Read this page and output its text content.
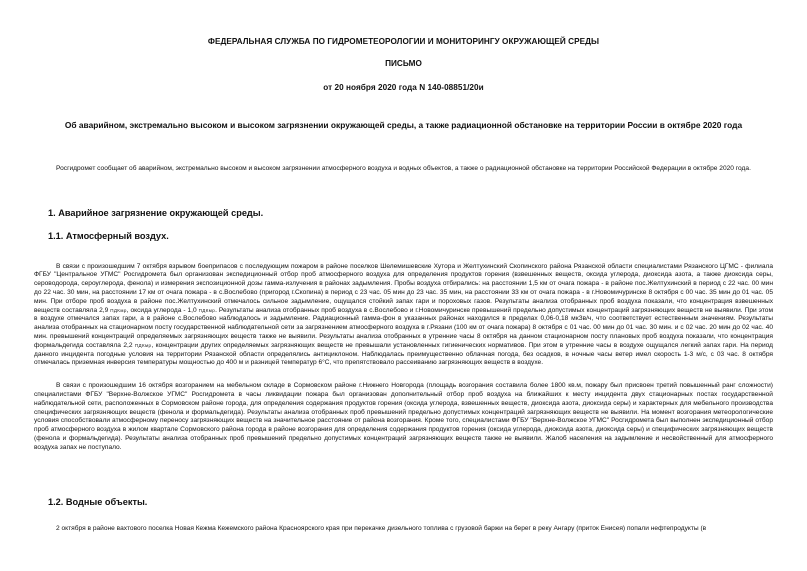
ФЕДЕРАЛЬНАЯ СЛУЖБА ПО ГИДРОМЕТЕОРОЛОГИИ И МОНИТОРИНГУ ОКРУЖАЮЩЕЙ СРЕДЫ
ПИСЬМО
от 20 ноября 2020 года N 140-08851/20и
Об аварийном, экстремально высоком и высоком загрязнении окружающей среды, а также радиационной обстановке на территории России в октябре 2020 года
Росгидромет сообщает об аварийном, экстремально высоком и высоком загрязнении атмосферного воздуха и водных объектов, а также о радиационной обстановке на территории Российской Федерации в октябре 2020 года.
1. Аварийное загрязнение окружающей среды.
1.1. Атмосферный воздух.

В связи с произошедшим 7 октября взрывом боеприпасов с последующим пожаром в районе поселков Шелемишевские Хутора и Желтухинский Скопинского района Рязанской области специалистами Рязанского ЦГМС - филиала ФГБУ "Центральное УГМС" Росгидромета был организован экспедиционный отбор проб атмосферного воздуха для определения продуктов горения (взвешенных веществ, оксида углерода, диоксида азота, а также диоксида серы, сероводорода, сероуглерода, фенола) и измерения экспозиционной дозы гамма-излучения в районах задымления. Пробы воздуха отбирались: на расстоянии 1,5 км от очага пожара - в районе пос.Желтухинский в период с 22 час. 00 мин до 22 час. 30 мин, на расстоянии 17 км от очага пожара - в с.Вослебово (пригород г.Скопина) в период с 23 час. 05 мин до 23 час. 35 мин, на расстоянии 33 км от очага пожара - в г.Новомичуринске 8 октября с 00 час. 35 мин до 01 час. 05 мин. При отборе проб воздуха в районе пос.Желтухинский отмечалось сильное задымление, ощущался стойкий запах гари и пороховых газов. Результаты анализа отобранных проб воздуха показали, что концентрация взвешенных веществ составляла 2,9 ПДКмр, оксида углерода - 1,0 ПДКмр. Результаты анализа отобранных проб воздуха в с.Вослебово и г.Новомичуринске превышений предельно допустимых концентраций загрязняющих веществ не выявили. При этом в воздухе отмечался запах гари, а в районе с.Вослебово наблюдалось и задымление. Радиационный гамма-фон в указанных районах находился в пределах 0,06-0,18 мкЗв/ч, что соответствует естественным значениям. Результаты анализа отобранных на стационарном посту государственной наблюдательной сети за загрязнением атмосферного воздуха в г.Рязани (100 км от очага пожара) 8 октября с 01 час. 00 мин до 01 час. 30 мин. и с 02 час. 20 мин до 02 час. 40 мин. превышений концентраций определяемых загрязняющих веществ также не выявили. Результаты анализа отобранных в утренние часы 8 октября на данном стационарном посту плановых проб воздуха показали, что концентрация формальдегида составляла 2,2 ПДКмр, концентрации других определяемых загрязняющих веществ не превышали установленных гигиенических нормативов. При этом в утренние часы в воздухе ощущался легкий запах гари. На период данного инцидента погодные условия на территории Рязанской области определялись антициклоном. Наблюдалась преимущественно облачная погода, без осадков, в ночные часы ветер имел скорость 1-3 м/с, с 03 час. 8 октября отмечалась приземная инверсия температуры мощностью до 400 м и разницей температур 6°С, что препятствовало рассеиванию загрязняющих веществ в воздухе.

В связи с произошедшим 16 октября возгоранием на мебельном складе в Сормовском районе г.Нижнего Новгорода (площадь возгорания составила более 1800 кв.м, пожару был присвоен третий повышенный ранг сложности) специалистами ФГБУ "Верхне-Волжское УГМС" Росгидромета в часы ликвидации пожара был организован дополнительный отбор проб воздуха на ближайших к месту инцидента двух стационарных постах государственной наблюдательной сети, расположенных в Сормовском районе города, для определения содержания продуктов горения (оксида углерода, взвешенных веществ, диоксида азота, диоксида серы) и характерных для мебельного производства специфических загрязняющих веществ (фенола и формальдегида). Результаты анализа отобранных проб превышений предельно допустимых концентраций загрязняющих веществ не выявили. На момент возгорания метеорологические условия способствовали атмосферному переносу загрязняющих веществ на значительное расстояние от района возгорания. Кроме того, специалистами ФГБУ "Верхне-Волжское УГМС" Росгидромета был выполнен экспедиционный отбор проб атмосферного воздуха в жилом квартале Сормовского района города в районе возгорания для определения содержания продуктов горения (оксида углерода, диоксида азота, диоксида серы) и специфических загрязняющих веществ (фенола и формальдегида). Результаты анализа отобранных проб превышений предельно допустимых концентраций загрязняющих веществ также не выявили. Жалоб населения на задымление и несвойственный для атмосферного воздуха запах не поступало.

1.2. Водные объекты.

2 октября в районе вахтового поселка Новая Кежма Кежемского района Красноярского края при перекачке дизельного топлива с грузовой баржи на берег в реку Ангару (приток Енисея) попали нефтепродукты (в
